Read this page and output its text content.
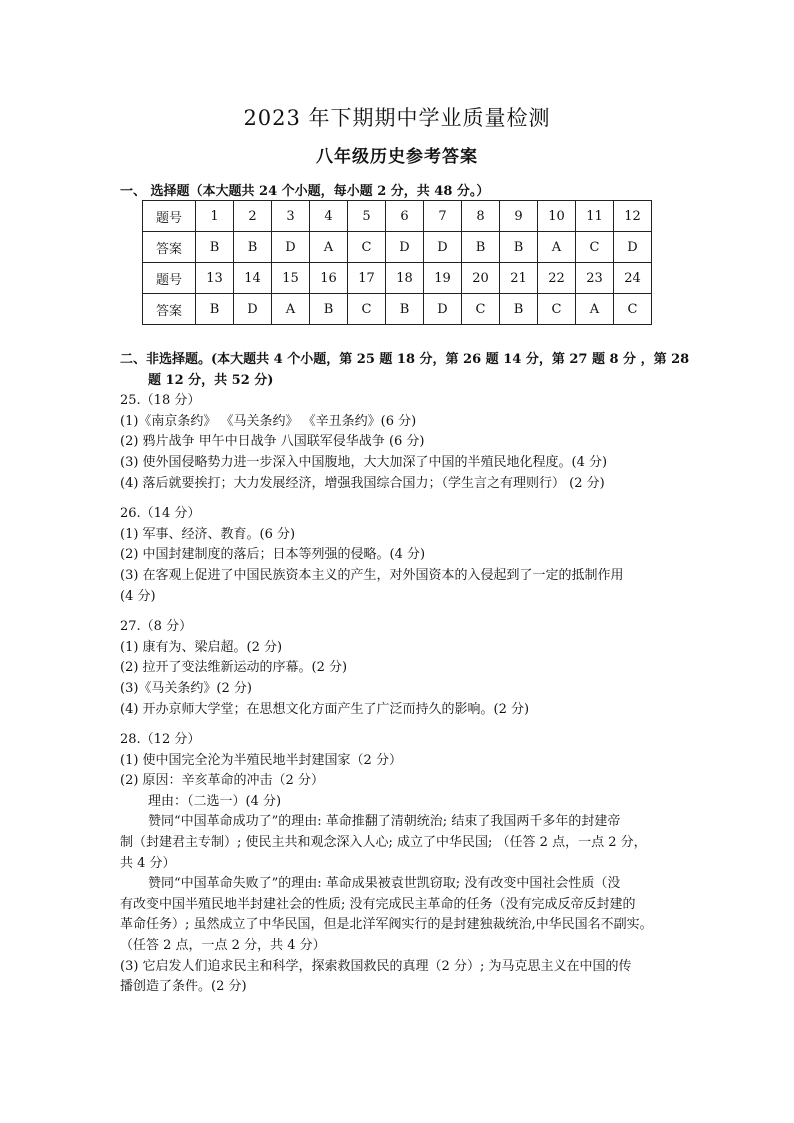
2023 年下期期中学业质量检测
八年级历史参考答案
一、 选择题（本大题共 24 个小题，每小题 2 分，共 48 分。）
题号	1	2	3	4	5	6	7	8	9	10	11	12
答案	B	B	D	A	C	D	D	B	B	A	C	D
题号	13	14	15	16	17	18	19	20	21	22	23	24
答案	B	D	A	B	C	B	D	C	B	C	A	C
二、非选择题。(本大题共 4 个小题，第 25 题 18 分，第 26 题 14 分，第 27 题 8 分 ，第 28
题 12 分，共 52 分)
25.（18 分）
(1)《南京条约》 《马关条约》 《辛丑条约》(6 分)
(2) 鸦片战争 甲午中日战争 八国联军侵华战争 (6 分)
(3) 使外国侵略势力进一步深入中国腹地，大大加深了中国的半殖民地化程度。(4 分)
(4) 落后就要挨打；大力发展经济，增强我国综合国力；（学生言之有理则行） (2 分)
26.（14 分）
(1) 军事、经济、教育。(6 分)
(2) 中国封建制度的落后；日本等列强的侵略。(4 分)
(3) 在客观上促进了中国民族资本主义的产生，对外国资本的入侵起到了一定的抵制作用
(4 分)
27.（8 分）
(1) 康有为、梁启超。(2 分)
(2) 拉开了变法维新运动的序幕。(2 分)
(3)《马关条约》(2 分)
(4) 开办京师大学堂；在思想文化方面产生了广泛而持久的影响。(2 分)
28.（12 分）
(1) 使中国完全沦为半殖民地半封建国家（2 分）
(2) 原因：辛亥革命的冲击（2 分）
理由：（二选一）(4 分)
赞同“中国革命成功了”的理由: 革命推翻了清朝统治; 结束了我国两千多年的封建帝
制（封建君主专制）; 使民主共和观念深入人心; 成立了中华民国; （任答 2 点，一点 2 分，
共 4 分）
赞同“中国革命失败了”的理由: 革命成果被袁世凯窃取; 没有改变中国社会性质（没
有改变中国半殖民地半封建社会的性质; 没有完成民主革命的任务（没有完成反帝反封建的
革命任务）; 虽然成立了中华民国，但是北洋军阀实行的是封建独裁统治,中华民国名不副实。
（任答 2 点，一点 2 分，共 4 分）
(3) 它启发人们追求民主和科学，探索救国救民的真理（2 分）; 为马克思主义在中国的传
播创造了条件。(2 分)
